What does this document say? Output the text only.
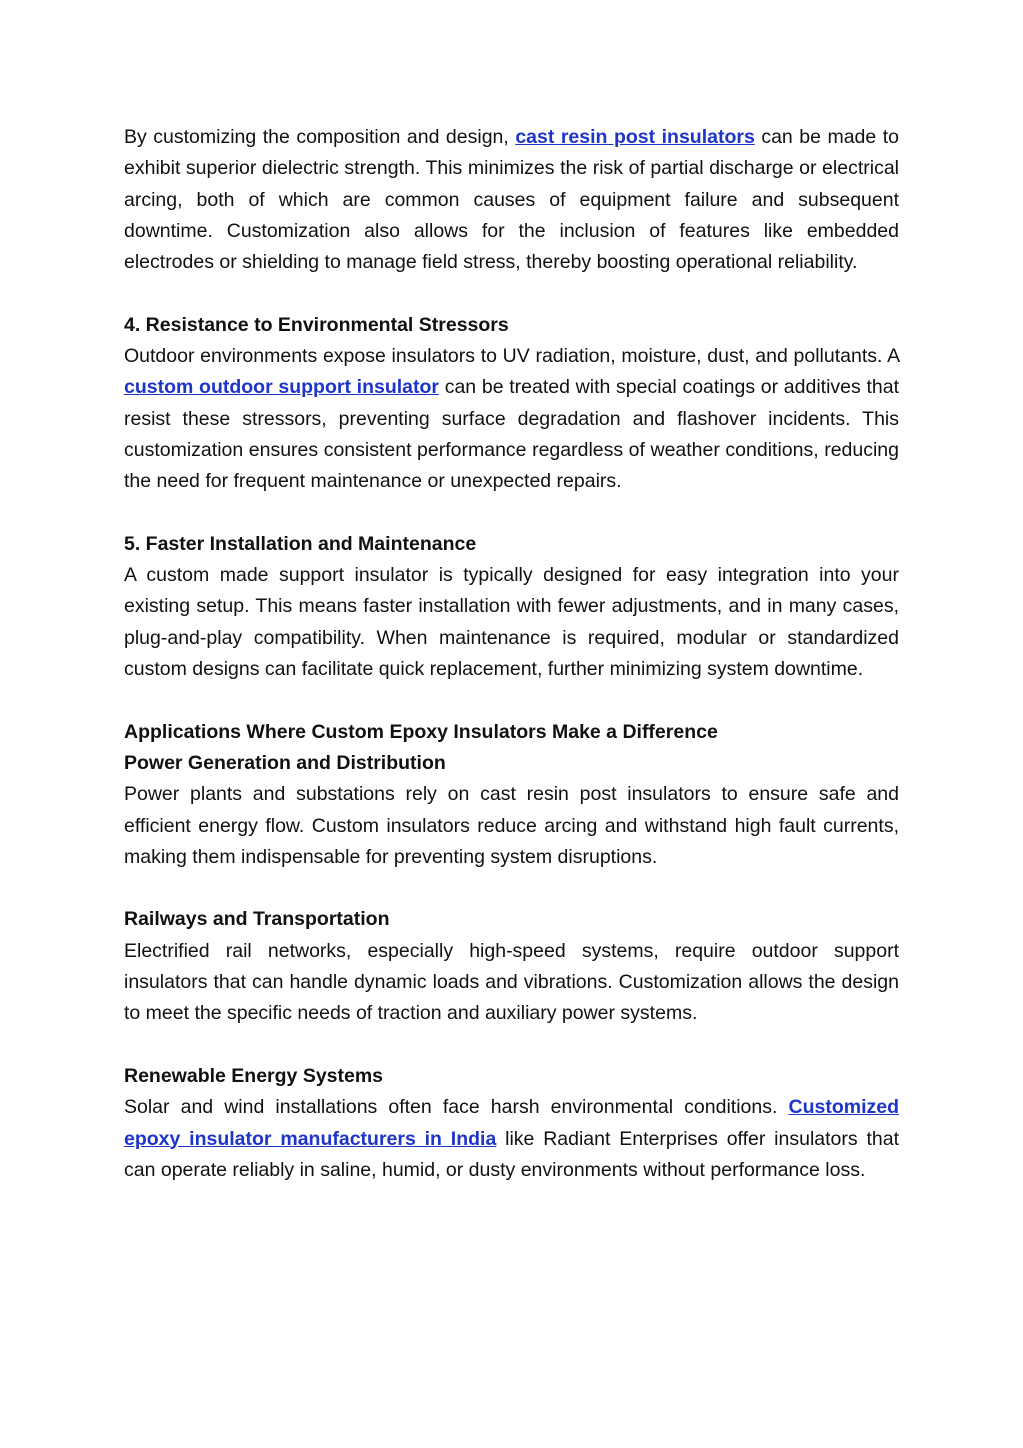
By customizing the composition and design, cast resin post insulators can be made to exhibit superior dielectric strength. This minimizes the risk of partial discharge or electrical arcing, both of which are common causes of equipment failure and subsequent downtime. Customization also allows for the inclusion of features like embedded electrodes or shielding to manage field stress, thereby boosting operational reliability.

4. Resistance to Environmental Stressors

Outdoor environments expose insulators to UV radiation, moisture, dust, and pollutants. A custom outdoor support insulator can be treated with special coatings or additives that resist these stressors, preventing surface degradation and flashover incidents. This customization ensures consistent performance regardless of weather conditions, reducing the need for frequent maintenance or unexpected repairs.

5. Faster Installation and Maintenance

A custom made support insulator is typically designed for easy integration into your existing setup. This means faster installation with fewer adjustments, and in many cases, plug-and-play compatibility. When maintenance is required, modular or standardized custom designs can facilitate quick replacement, further minimizing system downtime.

Applications Where Custom Epoxy Insulators Make a Difference

Power Generation and Distribution

Power plants and substations rely on cast resin post insulators to ensure safe and efficient energy flow. Custom insulators reduce arcing and withstand high fault currents, making them indispensable for preventing system disruptions.

Railways and Transportation

Electrified rail networks, especially high-speed systems, require outdoor support insulators that can handle dynamic loads and vibrations. Customization allows the design to meet the specific needs of traction and auxiliary power systems.

Renewable Energy Systems

Solar and wind installations often face harsh environmental conditions. Customized epoxy insulator manufacturers in India like Radiant Enterprises offer insulators that can operate reliably in saline, humid, or dusty environments without performance loss.
